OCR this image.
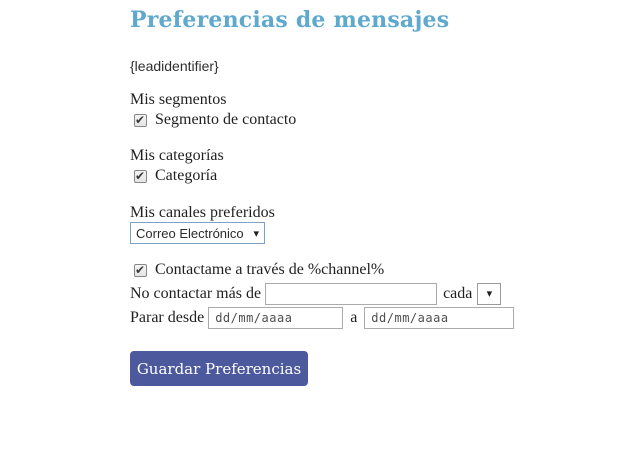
Preferencias de mensajes
{leadidentifier}
Mis segmentos
✔ Segmento de contacto
Mis categorías
✔ Categoría
Mis canales preferidos
Correo Electrónico ▾
✔ Contactame a través de %channel%
No contactar más de	cada ▾
Parar desde
dd/mm/aaaa	a
dd/mm/aaaa
Guardar Preferencias
